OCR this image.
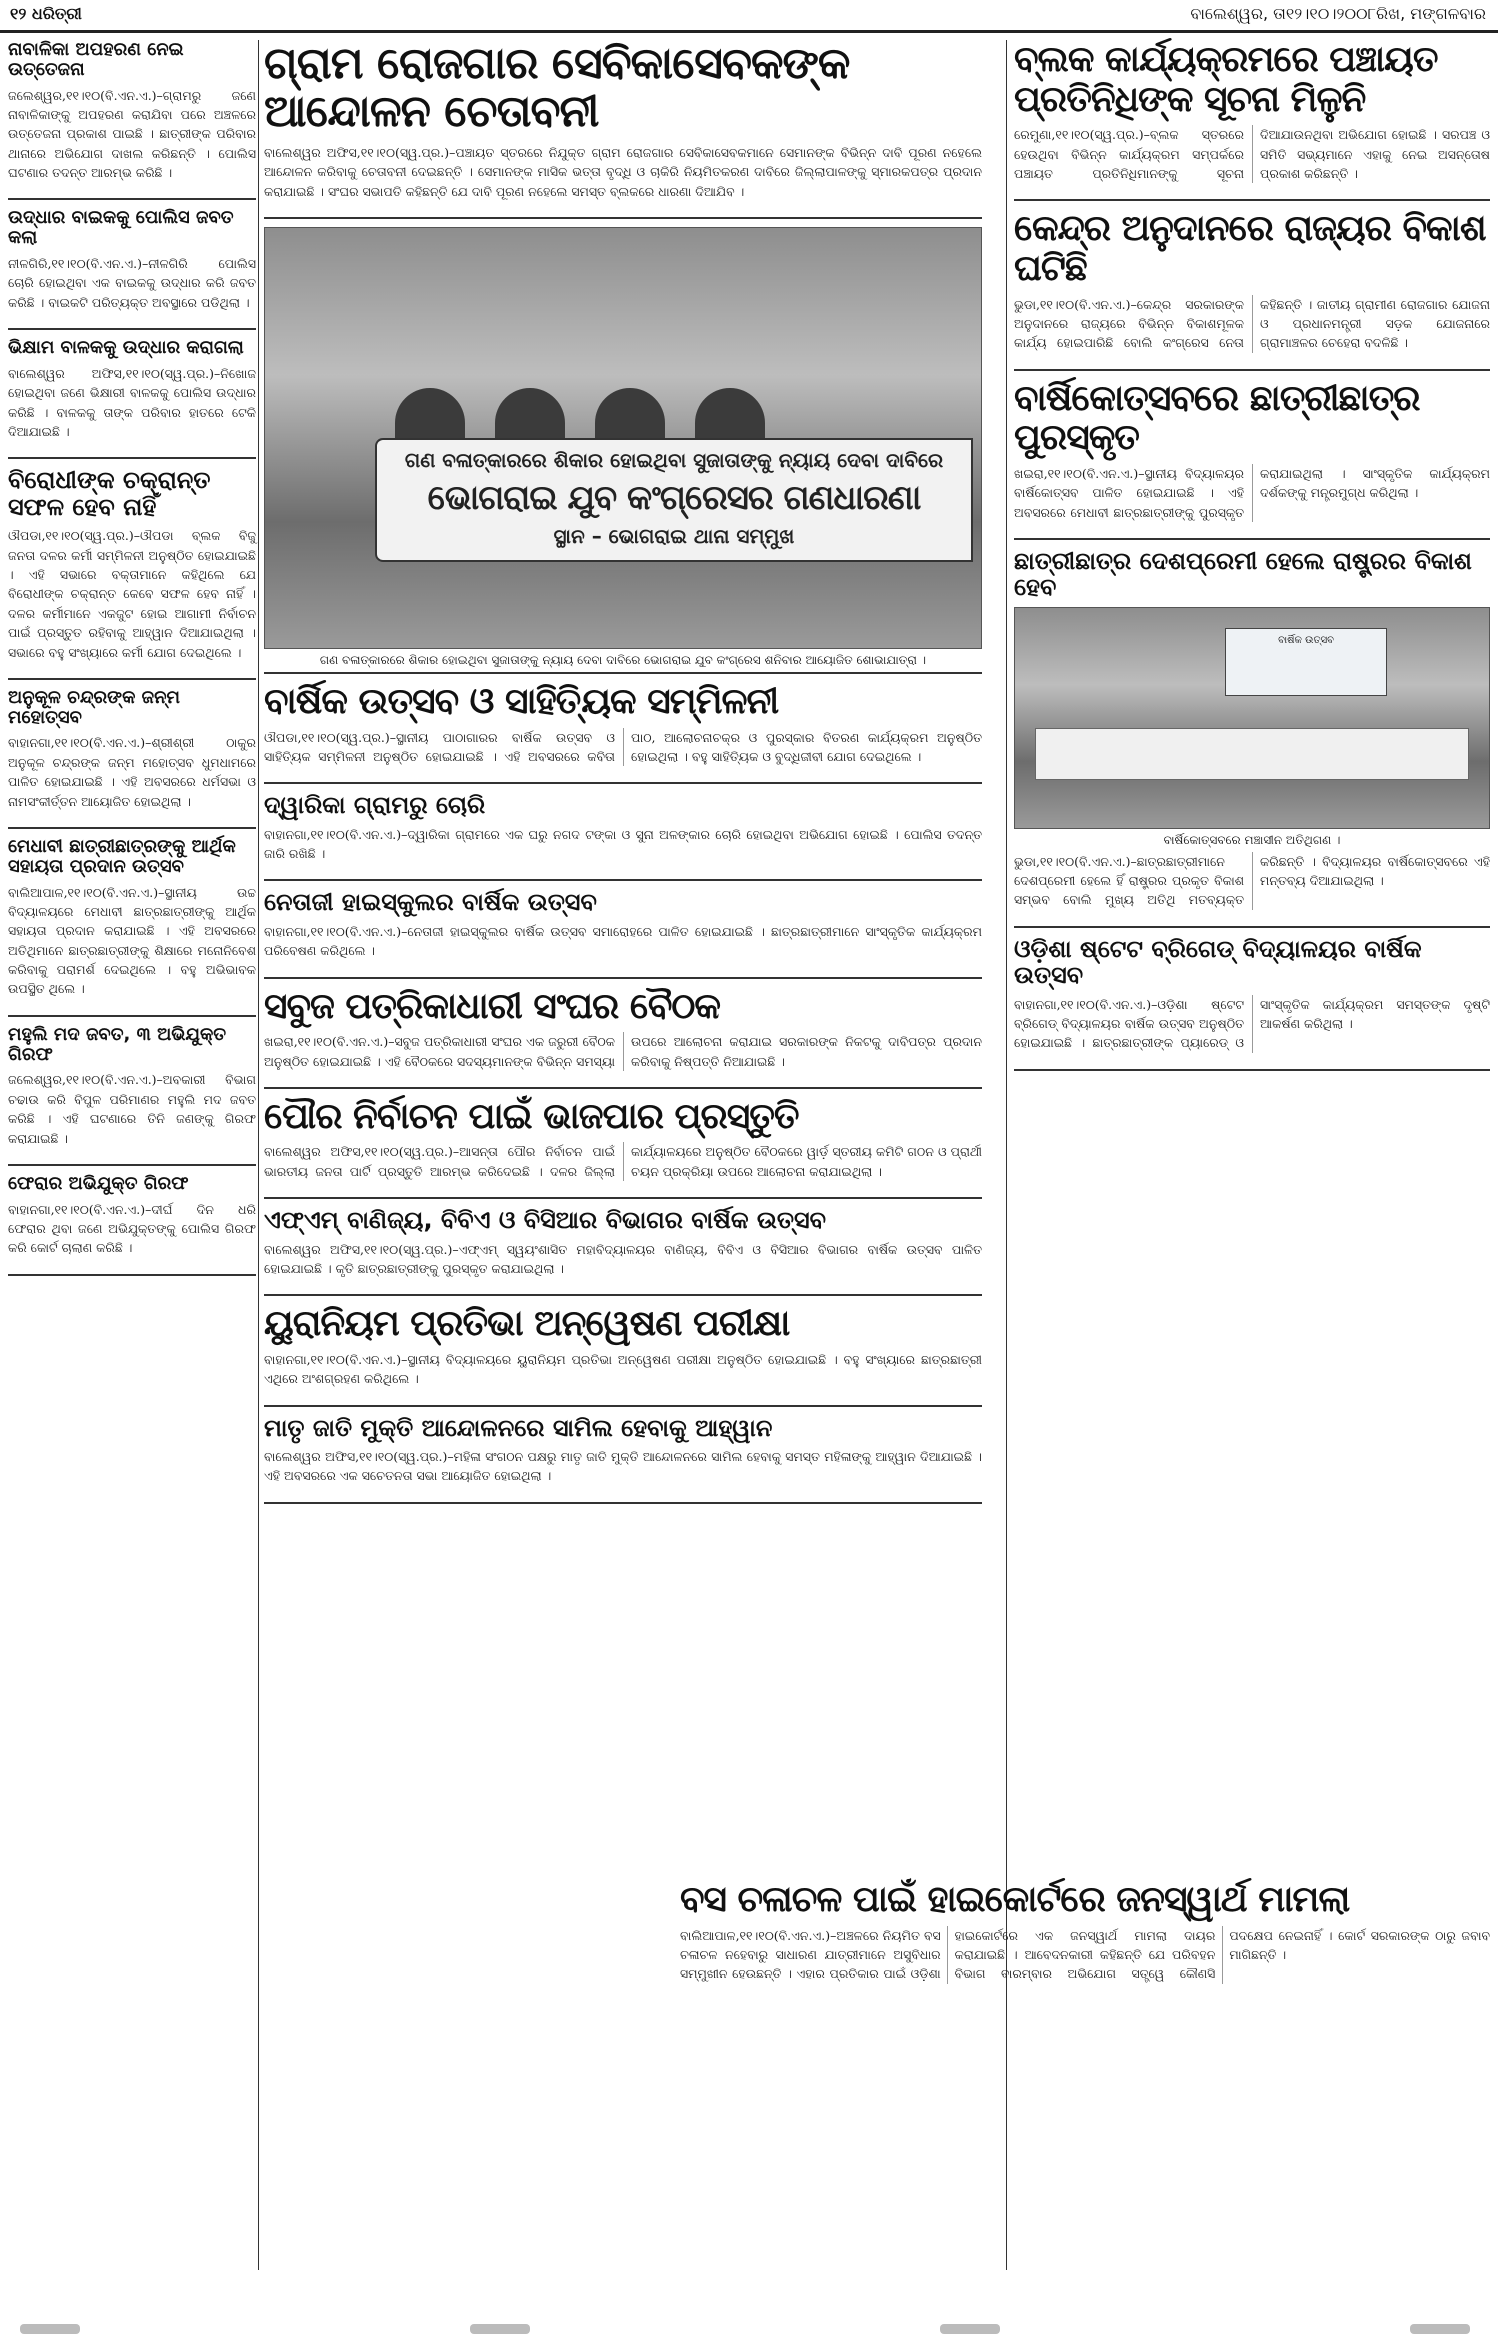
୧୨ ଧରିତ୍ରୀ	ବାଲେଶ୍ୱର, ତା୧୨।୧୦।୨୦୦୮ରିଖ, ମଙ୍ଗଳବାର
ନାବାଳିକା ଅପହରଣ ନେଇ ଉତ୍ତେଜନା

ଜଲେଶ୍ୱର,୧୧।୧୦(ବି.ଏନ.ଏ.)–ଗ୍ରାମରୁ ଜଣେ ନାବାଳିକାଙ୍କୁ ଅପହରଣ କରାଯିବା ପରେ ଅଞ୍ଚଳରେ ଉତ୍ତେଜନା ପ୍ରକାଶ ପାଇଛି । ଛାତ୍ରୀଙ୍କ ପରିବାର ଥାନାରେ ଅଭିଯୋଗ ଦାଖଲ କରିଛନ୍ତି । ପୋଲିସ ଘଟଣାର ତଦନ୍ତ ଆରମ୍ଭ କରିଛି ।

ଉଦ୍ଧାର ବାଇକକୁ ପୋଲିସ ଜବତ କଲା

ନୀଳଗିରି,୧୧।୧୦(ବି.ଏନ.ଏ.)–ନୀଳଗିରି ପୋଲିସ ଚୋରି ହୋଇଥିବା ଏକ ବାଇକକୁ ଉଦ୍ଧାର କରି ଜବତ କରିଛି । ବାଇକଟି ପରିତ୍ୟକ୍ତ ଅବସ୍ଥାରେ ପଡିଥିଲା ।

ଭିକ୍ଷାମ ବାଳକକୁ ଉଦ୍ଧାର କରାଗଲା

ବାଲେଶ୍ୱର ଅଫିସ,୧୧।୧୦(ସ୍ୱ.ପ୍ର.)–ନିଖୋଜ ହୋଇଥିବା ଜଣେ ଭିକ୍ଷାରୀ ବାଳକକୁ ପୋଲିସ ଉଦ୍ଧାର କରିଛି । ବାଳକକୁ ତାଙ୍କ ପରିବାର ହାତରେ ଟେକି ଦିଆଯାଇଛି ।

ବିରୋଧୀଙ୍କ ଚକ୍ରାନ୍ତ ସଫଳ ହେବ ନାହିଁ

ଔପଡା,୧୧।୧୦(ସ୍ୱ.ପ୍ର.)–ଔପଡା ବ୍ଲକ ବିଜୁ ଜନତା ଦଳର କର୍ମୀ ସମ୍ମିଳନୀ ଅନୁଷ୍ଠିତ ହୋଇଯାଇଛି । ଏହି ସଭାରେ ବକ୍ତାମାନେ କହିଥିଲେ ଯେ ବିରୋଧୀଙ୍କ ଚକ୍ରାନ୍ତ କେବେ ସଫଳ ହେବ ନାହିଁ । ଦଳର କର୍ମୀମାନେ ଏକଜୁଟ ହୋଇ ଆଗାମୀ ନିର୍ବାଚନ ପାଇଁ ପ୍ରସ୍ତୁତ ରହିବାକୁ ଆହ୍ୱାନ ଦିଆଯାଇଥିଲା । ସଭାରେ ବହୁ ସଂଖ୍ୟାରେ କର୍ମୀ ଯୋଗ ଦେଇଥିଲେ ।

ଅନୁକୂଳ ଚନ୍ଦ୍ରଙ୍କ ଜନ୍ମ ମହୋତ୍ସବ

ବାହାନଗା,୧୧।୧୦(ବି.ଏନ.ଏ.)–ଶ୍ରୀଶ୍ରୀ ଠାକୁର ଅନୁକୂଳ ଚନ୍ଦ୍ରଙ୍କ ଜନ୍ମ ମହୋତ୍ସବ ଧୁମଧାମରେ ପାଳିତ ହୋଇଯାଇଛି । ଏହି ଅବସରରେ ଧର୍ମସଭା ଓ ନାମସଂକୀର୍ତ୍ତନ ଆୟୋଜିତ ହୋଇଥିଲା ।

ମେଧାବୀ ଛାତ୍ରୀଛାତ୍ରଙ୍କୁ ଆର୍ଥିକ ସହାୟତା ପ୍ରଦାନ ଉତ୍ସବ

ବାଲିଆପାଳ,୧୧।୧୦(ବି.ଏନ.ଏ.)–ସ୍ଥାନୀୟ ଉଚ୍ଚ ବିଦ୍ୟାଳୟରେ ମେଧାବୀ ଛାତ୍ରଛାତ୍ରୀଙ୍କୁ ଆର୍ଥିକ ସହାୟତା ପ୍ରଦାନ କରାଯାଇଛି । ଏହି ଅବସରରେ ଅତିଥିମାନେ ଛାତ୍ରଛାତ୍ରୀଙ୍କୁ ଶିକ୍ଷାରେ ମନୋନିବେଶ କରିବାକୁ ପରାମର୍ଶ ଦେଇଥିଲେ । ବହୁ ଅଭିଭାବକ ଉପସ୍ଥିତ ଥିଲେ ।

ମହୁଲି ମଦ ଜବତ, ୩ ଅଭିଯୁକ୍ତ ଗିରଫ

ଜଲେଶ୍ୱର,୧୧।୧୦(ବି.ଏନ.ଏ.)–ଅବକାରୀ ବିଭାଗ ଚଢାଉ କରି ବିପୁଳ ପରିମାଣର ମହୁଲି ମଦ ଜବତ କରିଛି । ଏହି ଘଟଣାରେ ତିନି ଜଣଙ୍କୁ ଗିରଫ କରାଯାଇଛି ।

ଫେରାର ଅଭିଯୁକ୍ତ ଗିରଫ

ବାହାନଗା,୧୧।୧୦(ବି.ଏନ.ଏ.)–ଦୀର୍ଘ ଦିନ ଧରି ଫେରାର ଥିବା ଜଣେ ଅଭିଯୁକ୍ତଙ୍କୁ ପୋଲିସ ଗିରଫ କରି କୋର୍ଟ ଚାଲାଣ କରିଛି ।

ଗ୍ରାମ ରୋଜଗାର ସେବିକାସେବକଙ୍କ ଆନ୍ଦୋଳନ ଚେତାବନୀ

ବାଲେଶ୍ୱର ଅଫିସ,୧୧।୧୦(ସ୍ୱ.ପ୍ର.)–ପଞ୍ଚାୟତ ସ୍ତରରେ ନିଯୁକ୍ତ ଗ୍ରାମ ରୋଜଗାର ସେବିକାସେବକମାନେ ସେମାନଙ୍କ ବିଭିନ୍ନ ଦାବି ପୂରଣ ନହେଲେ ଆନ୍ଦୋଳନ କରିବାକୁ ଚେତାବନୀ ଦେଇଛନ୍ତି । ସେମାନଙ୍କ ମାସିକ ଭତ୍ତା ବୃଦ୍ଧି ଓ ଚାକିରି ନିୟମିତକରଣ ଦାବିରେ ଜିଲ୍ଲାପାଳଙ୍କୁ ସ୍ମାରକପତ୍ର ପ୍ରଦାନ କରାଯାଇଛି । ସଂଘର ସଭାପତି କହିଛନ୍ତି ଯେ ଦାବି ପୂରଣ ନହେଲେ ସମସ୍ତ ବ୍ଲକରେ ଧାରଣା ଦିଆଯିବ ।

ଗଣ ବଳାତ୍କାରରେ ଶିକାର ହୋଇଥିବା ସୁଜାତାଙ୍କୁ ନ୍ୟାୟ ଦେବା ଦାବିରେ
ଭୋଗରାଇ ଯୁବ କଂଗ୍ରେସର ଗଣଧାରଣା
ସ୍ଥାନ – ଭୋଗରାଇ ଥାନା ସମ୍ମୁଖ
ଗଣ ବଳାତ୍କାରରେ ଶିକାର ହୋଇଥିବା ସୁଜାତାଙ୍କୁ ନ୍ୟାୟ ଦେବା ଦାବିରେ ଭୋଗରାଇ ଯୁବ କଂଗ୍ରେସ ଶନିବାର ଆୟୋଜିତ ଶୋଭାଯାତ୍ରା ।
ବାର୍ଷିକ ଉତ୍ସବ ଓ ସାହିତ୍ୟିକ ସମ୍ମିଳନୀ

ଔପଡା,୧୧।୧୦(ସ୍ୱ.ପ୍ର.)–ସ୍ଥାନୀୟ ପାଠାଗାରର ବାର୍ଷିକ ଉତ୍ସବ ଓ ସାହିତ୍ୟିକ ସମ୍ମିଳନୀ ଅନୁଷ୍ଠିତ ହୋଇଯାଇଛି । ଏହି ଅବସରରେ କବିତା ପାଠ, ଆଲୋଚନାଚକ୍ର ଓ ପୁରସ୍କାର ବିତରଣ କାର୍ଯ୍ୟକ୍ରମ ଅନୁଷ୍ଠିତ ହୋଇଥିଲା । ବହୁ ସାହିତ୍ୟିକ ଓ ବୁଦ୍ଧିଜୀବୀ ଯୋଗ ଦେଇଥିଲେ ।

ଦ୍ୱାରିକା ଗ୍ରାମରୁ ଚୋରି

ବାହାନଗା,୧୧।୧୦(ବି.ଏନ.ଏ.)–ଦ୍ୱାରିକା ଗ୍ରାମରେ ଏକ ଘରୁ ନଗଦ ଟଙ୍କା ଓ ସୁନା ଅଳଙ୍କାର ଚୋରି ହୋଇଥିବା ଅଭିଯୋଗ ହୋଇଛି । ପୋଲିସ ତଦନ୍ତ ଜାରି ରଖିଛି ।

ନେତାଜୀ ହାଇସ୍କୁଲର ବାର୍ଷିକ ଉତ୍ସବ

ବାହାନଗା,୧୧।୧୦(ବି.ଏନ.ଏ.)–ନେତାଜୀ ହାଇସ୍କୁଲର ବାର୍ଷିକ ଉତ୍ସବ ସମାରୋହରେ ପାଳିତ ହୋଇଯାଇଛି । ଛାତ୍ରଛାତ୍ରୀମାନେ ସାଂସ୍କୃତିକ କାର୍ଯ୍ୟକ୍ରମ ପରିବେଷଣ କରିଥିଲେ ।

ସବୁଜ ପତ୍ରିକାଧାରୀ ସଂଘର ବୈଠକ

ଖଇରା,୧୧।୧୦(ବି.ଏନ.ଏ.)–ସବୁଜ ପତ୍ରିକାଧାରୀ ସଂଘର ଏକ ଜରୁରୀ ବୈଠକ ଅନୁଷ୍ଠିତ ହୋଇଯାଇଛି । ଏହି ବୈଠକରେ ସଦସ୍ୟମାନଙ୍କ ବିଭିନ୍ନ ସମସ୍ୟା ଉପରେ ଆଲୋଚନା କରାଯାଇ ସରକାରଙ୍କ ନିକଟକୁ ଦାବିପତ୍ର ପ୍ରଦାନ କରିବାକୁ ନିଷ୍ପତ୍ତି ନିଆଯାଇଛି ।

ପୌର ନିର୍ବାଚନ ପାଇଁ ଭାଜପାର ପ୍ରସ୍ତୁତି

ବାଲେଶ୍ୱର ଅଫିସ,୧୧।୧୦(ସ୍ୱ.ପ୍ର.)–ଆସନ୍ତା ପୌର ନିର୍ବାଚନ ପାଇଁ ଭାରତୀୟ ଜନତା ପାର୍ଟି ପ୍ରସ୍ତୁତି ଆରମ୍ଭ କରିଦେଇଛି । ଦଳର ଜିଲ୍ଲା କାର୍ଯ୍ୟାଳୟରେ ଅନୁଷ୍ଠିତ ବୈଠକରେ ୱାର୍ଡ଼ ସ୍ତରୀୟ କମିଟି ଗଠନ ଓ ପ୍ରାର୍ଥୀ ଚୟନ ପ୍ରକ୍ରିୟା ଉପରେ ଆଲୋଚନା କରାଯାଇଥିଲା ।

ଏଫ୍‌ଏମ୍ ବାଣିଜ୍ୟ, ବିବିଏ ଓ ବିସିଆର ବିଭାଗର ବାର୍ଷିକ ଉତ୍ସବ

ବାଲେଶ୍ୱର ଅଫିସ,୧୧।୧୦(ସ୍ୱ.ପ୍ର.)–ଏଫ୍‌ଏମ୍ ସ୍ୱୟଂଶାସିତ ମହାବିଦ୍ୟାଳୟର ବାଣିଜ୍ୟ, ବିବିଏ ଓ ବିସିଆର ବିଭାଗର ବାର୍ଷିକ ଉତ୍ସବ ପାଳିତ ହୋଇଯାଇଛି । କୃତି ଛାତ୍ରଛାତ୍ରୀଙ୍କୁ ପୁରସ୍କୃତ କରାଯାଇଥିଲା ।

ୟୁରାନିୟମ ପ୍ରତିଭା ଅନ୍ୱେଷଣ ପରୀକ୍ଷା

ବାହାନଗା,୧୧।୧୦(ବି.ଏନ.ଏ.)–ସ୍ଥାନୀୟ ବିଦ୍ୟାଳୟରେ ୟୁରାନିୟମ ପ୍ରତିଭା ଅନ୍ୱେଷଣ ପରୀକ୍ଷା ଅନୁଷ୍ଠିତ ହୋଇଯାଇଛି । ବହୁ ସଂଖ୍ୟାରେ ଛାତ୍ରଛାତ୍ରୀ ଏଥିରେ ଅଂଶଗ୍ରହଣ କରିଥିଲେ ।

ମାତୃ ଜାତି ମୁକ୍ତି ଆନ୍ଦୋଳନରେ ସାମିଲ ହେବାକୁ ଆହ୍ୱାନ

ବାଲେଶ୍ୱର ଅଫିସ,୧୧।୧୦(ସ୍ୱ.ପ୍ର.)–ମହିଳା ସଂଗଠନ ପକ୍ଷରୁ ମାତୃ ଜାତି ମୁକ୍ତି ଆନ୍ଦୋଳନରେ ସାମିଲ ହେବାକୁ ସମସ୍ତ ମହିଳାଙ୍କୁ ଆହ୍ୱାନ ଦିଆଯାଇଛି । ଏହି ଅବସରରେ ଏକ ସଚେତନତା ସଭା ଆୟୋଜିତ ହୋଇଥିଲା ।

ବ୍ଲକ କାର୍ଯ୍ୟକ୍ରମରେ ପଞ୍ଚାୟତ ପ୍ରତିନିଧିଙ୍କ ସୂଚନା ମିଳୁନି

ରେମୁଣା,୧୧।୧୦(ସ୍ୱ.ପ୍ର.)–ବ୍ଲକ ସ୍ତରରେ ହେଉଥିବା ବିଭିନ୍ନ କାର୍ଯ୍ୟକ୍ରମ ସମ୍ପର୍କରେ ପଞ୍ଚାୟତ ପ୍ରତିନିଧିମାନଙ୍କୁ ସୂଚନା ଦିଆଯାଉନଥିବା ଅଭିଯୋଗ ହୋଇଛି । ସରପଞ୍ଚ ଓ ସମିତି ସଭ୍ୟମାନେ ଏହାକୁ ନେଇ ଅସନ୍ତୋଷ ପ୍ରକାଶ କରିଛନ୍ତି ।

କେନ୍ଦ୍ର ଅନୁଦାନରେ ରାଜ୍ୟର ବିକାଶ ଘଟିଛି

ଭୁଡା,୧୧।୧୦(ବି.ଏନ.ଏ.)–କେନ୍ଦ୍ର ସରକାରଙ୍କ ଅନୁଦାନରେ ରାଜ୍ୟରେ ବିଭିନ୍ନ ବିକାଶମୂଳକ କାର୍ଯ୍ୟ ହୋଇପାରିଛି ବୋଲି କଂଗ୍ରେସ ନେତା କହିଛନ୍ତି । ଜାତୀୟ ଗ୍ରାମୀଣ ରୋଜଗାର ଯୋଜନା ଓ ପ୍ରଧାନମନ୍ତ୍ରୀ ସଡ଼କ ଯୋଜନାରେ ଗ୍ରାମାଞ୍ଚଳର ଚେହେରା ବଦଳିଛି ।

ବାର୍ଷିକୋତ୍ସବରେ ଛାତ୍ରୀଛାତ୍ର ପୁରସ୍କୃତ

ଖଇରା,୧୧।୧୦(ବି.ଏନ.ଏ.)–ସ୍ଥାନୀୟ ବିଦ୍ୟାଳୟର ବାର୍ଷିକୋତ୍ସବ ପାଳିତ ହୋଇଯାଇଛି । ଏହି ଅବସରରେ ମେଧାବୀ ଛାତ୍ରଛାତ୍ରୀଙ୍କୁ ପୁରସ୍କୃତ କରାଯାଇଥିଲା । ସାଂସ୍କୃତିକ କାର୍ଯ୍ୟକ୍ରମ ଦର୍ଶକଙ୍କୁ ମନ୍ତ୍ରମୁଗ୍ଧ କରିଥିଲା ।

ଛାତ୍ରୀଛାତ୍ର ଦେଶପ୍ରେମୀ ହେଲେ ରାଷ୍ଟ୍ରର ବିକାଶ ହେବ
ବାର୍ଷିକ ଉତ୍ସବ
ବାର୍ଷିକୋତ୍ସବରେ ମଞ୍ଚାସୀନ ଅତିଥିଗଣ ।

ଭୁଡା,୧୧।୧୦(ବି.ଏନ.ଏ.)–ଛାତ୍ରଛାତ୍ରୀମାନେ ଦେଶପ୍ରେମୀ ହେଲେ ହିଁ ରାଷ୍ଟ୍ରର ପ୍ରକୃତ ବିକାଶ ସମ୍ଭବ ବୋଲି ମୁଖ୍ୟ ଅତିଥି ମତବ୍ୟକ୍ତ କରିଛନ୍ତି । ବିଦ୍ୟାଳୟର ବାର୍ଷିକୋତ୍ସବରେ ଏହି ମନ୍ତବ୍ୟ ଦିଆଯାଇଥିଲା ।

ଓଡ଼ିଶା ଷ୍ଟେଟ ବ୍ରିଗେଡ୍ ବିଦ୍ୟାଳୟର ବାର୍ଷିକ ଉତ୍ସବ

ବାହାନଗା,୧୧।୧୦(ବି.ଏନ.ଏ.)–ଓଡ଼ିଶା ଷ୍ଟେଟ ବ୍ରିଗେଡ୍ ବିଦ୍ୟାଳୟର ବାର୍ଷିକ ଉତ୍ସବ ଅନୁଷ୍ଠିତ ହୋଇଯାଇଛି । ଛାତ୍ରଛାତ୍ରୀଙ୍କ ପ୍ୟାରେଡ୍ ଓ ସାଂସ୍କୃତିକ କାର୍ଯ୍ୟକ୍ରମ ସମସ୍ତଙ୍କ ଦୃଷ୍ଟି ଆକର୍ଷଣ କରିଥିଲା ।

ବସ ଚଳାଚଳ ପାଇଁ ହାଇକୋର୍ଟରେ ଜନସ୍ୱାର୍ଥ ମାମଲା

ବାଲିଆପାଳ,୧୧।୧୦(ବି.ଏନ.ଏ.)–ଅଞ୍ଚଳରେ ନିୟମିତ ବସ ଚଳାଚଳ ନହେବାରୁ ସାଧାରଣ ଯାତ୍ରୀମାନେ ଅସୁବିଧାର ସମ୍ମୁଖୀନ ହେଉଛନ୍ତି । ଏହାର ପ୍ରତିକାର ପାଇଁ ଓଡ଼ିଶା ହାଇକୋର୍ଟରେ ଏକ ଜନସ୍ୱାର୍ଥ ମାମଲା ଦାୟର କରାଯାଇଛି । ଆବେଦନକାରୀ କହିଛନ୍ତି ଯେ ପରିବହନ ବିଭାଗ ବାରମ୍ବାର ଅଭିଯୋଗ ସତ୍ତ୍ୱେ କୌଣସି ପଦକ୍ଷେପ ନେଇନାହିଁ । କୋର୍ଟ ସରକାରଙ୍କ ଠାରୁ ଜବାବ ମାଗିଛନ୍ତି ।
